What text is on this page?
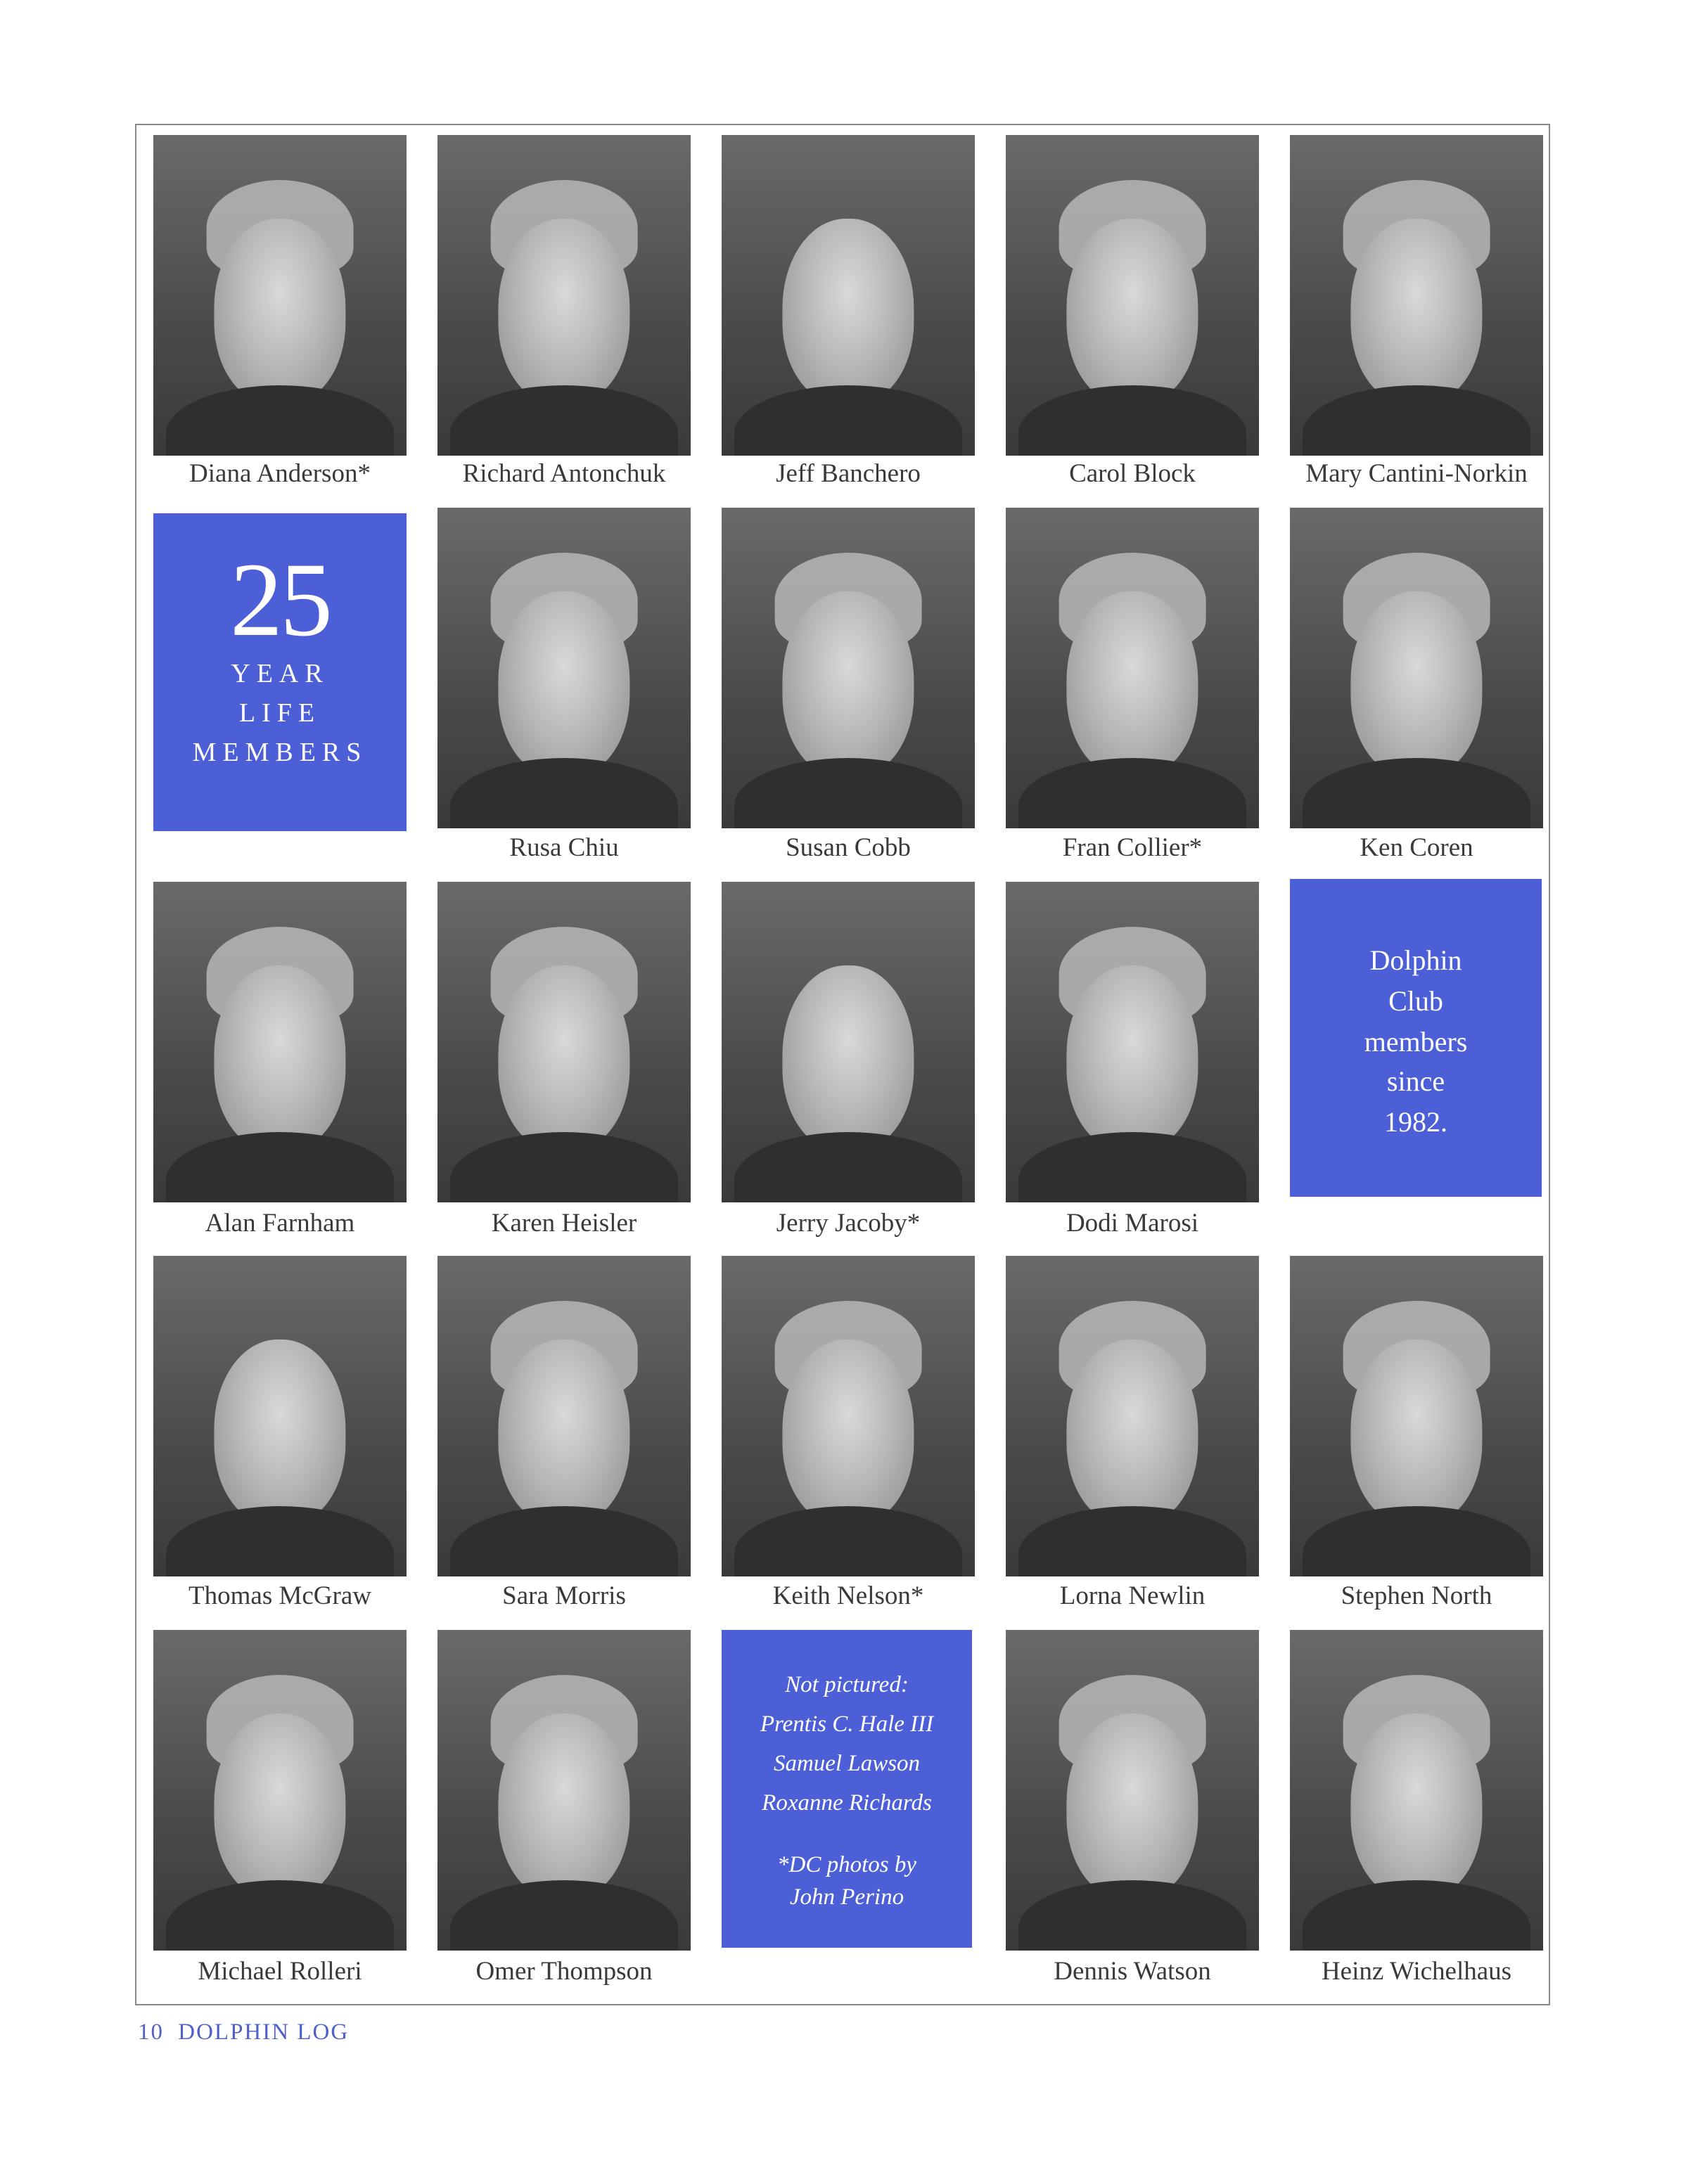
Diana Anderson*	Richard Antonchuk	Jeff Banchero	Carol Block	Mary Cantini-Norkin
25
YEAR
LIFE
MEMBERS
Rusa Chiu	Susan Cobb	Fran Collier*	Ken Coren
Alan Farnham	Karen Heisler	Jerry Jacoby*	Dodi Marosi
Dolphin
Club
members
since
1982.
Thomas McGraw	Sara Morris	Keith Nelson*	Lorna Newlin	Stephen North
Michael Rolleri	Omer Thompson
Not pictured:
Prentis C. Hale III
Samuel Lawson
Roxanne Richards
*DC photos by
John Perino
Dennis Watson	Heinz Wichelhaus
10 DOLPHIN LOG
